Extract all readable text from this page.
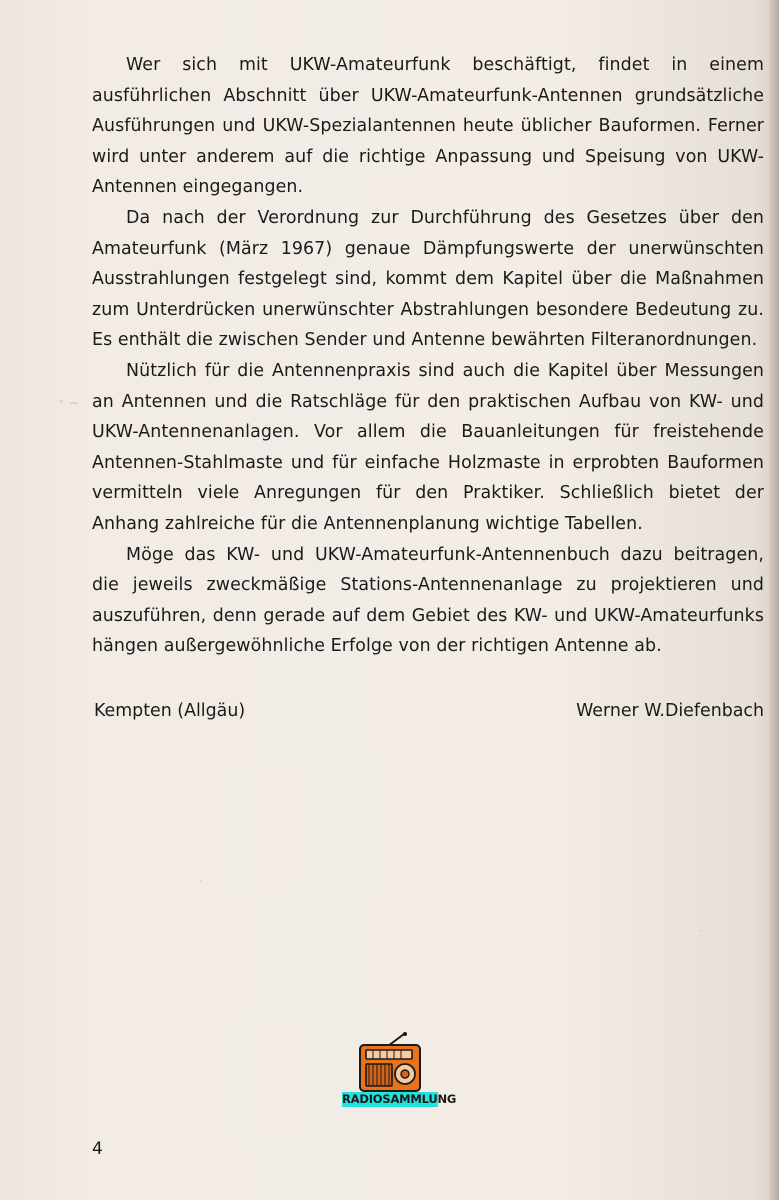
Wer sich mit UKW-Amateurfunk beschäftigt, findet in einem ausführlichen Abschnitt über UKW-Amateurfunk-Antennen grundsätzliche Ausführungen und UKW-Spezialantennen heute üblicher Bauformen. Ferner wird unter anderem auf die richtige Anpassung und Speisung von UKW-Antennen eingegangen.

Da nach der Verordnung zur Durchführung des Gesetzes über den Amateurfunk (März 1967) genaue Dämpfungswerte der unerwünschten Ausstrahlungen festgelegt sind, kommt dem Kapitel über die Maßnahmen zum Unterdrücken unerwünschter Abstrahlungen besondere Bedeutung zu. Es enthält die zwischen Sender und Antenne bewährten Filteranordnungen.

Nützlich für die Antennenpraxis sind auch die Kapitel über Messungen an Antennen und die Ratschläge für den praktischen Aufbau von KW- und UKW-Antennenanlagen. Vor allem die Bauanleitungen für freistehende Antennen-Stahlmaste und für einfache Holzmaste in erprobten Bauformen vermitteln viele Anregungen für den Praktiker. Schließlich bietet der Anhang zahlreiche für die Antennenplanung wichtige Tabellen.

Möge das KW- und UKW-Amateurfunk-Antennenbuch dazu beitragen, die jeweils zweckmäßige Stations-Antennenanlage zu projektieren und auszuführen, denn gerade auf dem Gebiet des KW- und UKW-Amateurfunks hängen außergewöhnliche Erfolge von der richtigen Antenne ab.

Kempten (Allgäu)	Werner W.Diefenbach
RADIOSAMMLUNG
4
